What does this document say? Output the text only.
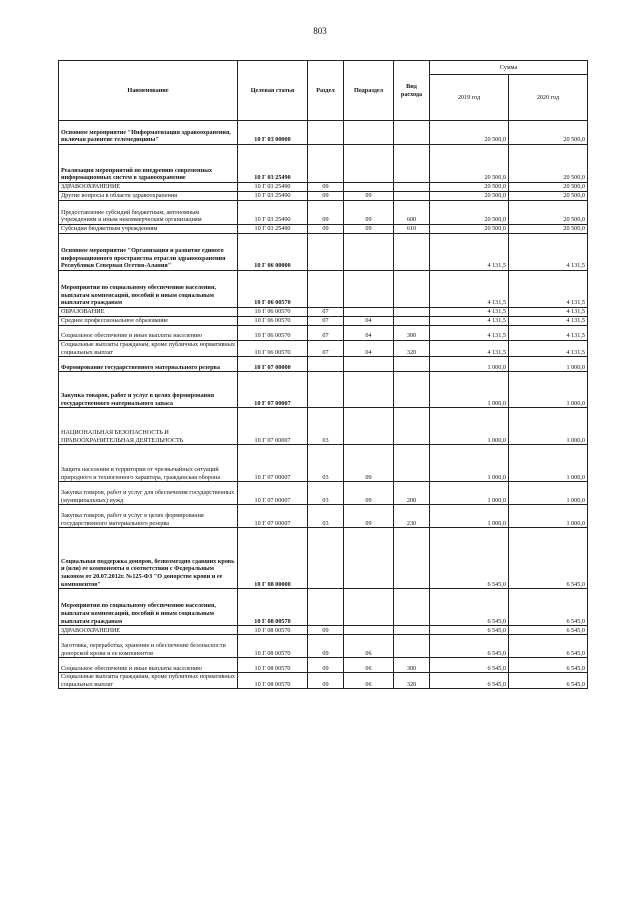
803
Наименование	Целевая статья	Раздел	Подраздел	Вид расхода	Сумма	
					2019 год	2020 год
Основное мероприятие "Информатизация здравоохранения, включая развитие телемедицины"	10 Г 03 00000				20 500,0	20 500,0
Реализация мероприятий по внедрению современных информационных систем в здравоохранение	10 Г 03 25490				20 500,0	20 500,0
ЗДРАВООХРАНЕНИЕ	10 Г 03 25490	09			20 500,0	20 500,0
Другие вопросы в области здравоохранения	10 Г 03 25490	09	09		20 500,0	20 500,0
Предоставление субсидий бюджетным, автономным учреждениям и иным некоммерческим организациям	10 Г 03 25490	09	09	600	20 500,0	20 500,0
Субсидии бюджетным учреждениям	10 Г 03 25490	09	09	610	20 500,0	20 500,0
Основное мероприятие "Организация и развитие единого информационного пространства отрасли здравоохранения Республики Северная Осетия-Алания"	10 Г 06 00000				4 131,5	4 131,5
Мероприятия по социальному обеспечению населения, выплатам компенсаций, пособий и иным социальным выплатам гражданам	10 Г 06 00570				4 131,5	4 131,5
ОБРАЗОВАНИЕ	10 Г 06 00570	07			4 131,5	4 131,5
Среднее профессиональное образование	10 Г 06 00570	07	04		4 131,5	4 131,5
Социальное обеспечение и иные выплаты населению	10 Г 06 00570	07	04	300	4 131,5	4 131,5
Социальные выплаты гражданам, кроме публичных нормативных социальных выплат	10 Г 06 00570	07	04	320	4 131,5	4 131,5
Формирование государственного материального резерва	10 Г 07 00000				1 000,0	1 000,0
Закупка товаров, работ и услуг в целях формирования государственного материального запаса	10 Г 07 00007				1 000,0	1 000,0
НАЦИОНАЛЬНАЯ БЕЗОПАСНОСТЬ И ПРАВООХРАНИТЕЛЬНАЯ ДЕЯТЕЛЬНОСТЬ	10 Г 07 00007	03			1 000,0	1 000,0
Защита населения и территории от чрезвычайных ситуаций природного и техногенного характера, гражданская оборона	10 Г 07 00007	03	09		1 000,0	1 000,0
Закупка товаров, работ и услуг для обеспечения государственных (муниципальных) нужд	10 Г 07 00007	03	09	200	1 000,0	1 000,0
Закупка товаров, работ и услуг в целях формирования государственного материального резерва	10 Г 07 00007	03	09	230	1 000,0	1 000,0
Социальная поддержка доноров, безвозмездно сдавших кровь и (или) ее компоненты в соответствии с Федеральным законом от 20.07.2012г. №125-ФЗ "О донорстве крови и ее компонентов"	10 Г 08 00000				6 545,0	6 545,0
Мероприятия по социальному обеспечению населения, выплатам компенсаций, пособий и иным социальным выплатам гражданам	10 Г 08 00570				6 545,0	6 545,0
ЗДРАВООХРАНЕНИЕ	10 Г 08 00570	09			6 545,0	6 545,0
Заготовка, переработка, хранение и обеспечение безопасности донорской крови и ее компонентов	10 Г 08 00570	09	06		6 545,0	6 545,0
Социальное обеспечение и иные выплаты населению	10 Г 08 00570	09	06	300	6 545,0	6 545,0
Социальные выплаты гражданам, кроме публичных нормативных социальных выплат	10 Г 08 00570	09	06	320	6 545,0	6 545,0
